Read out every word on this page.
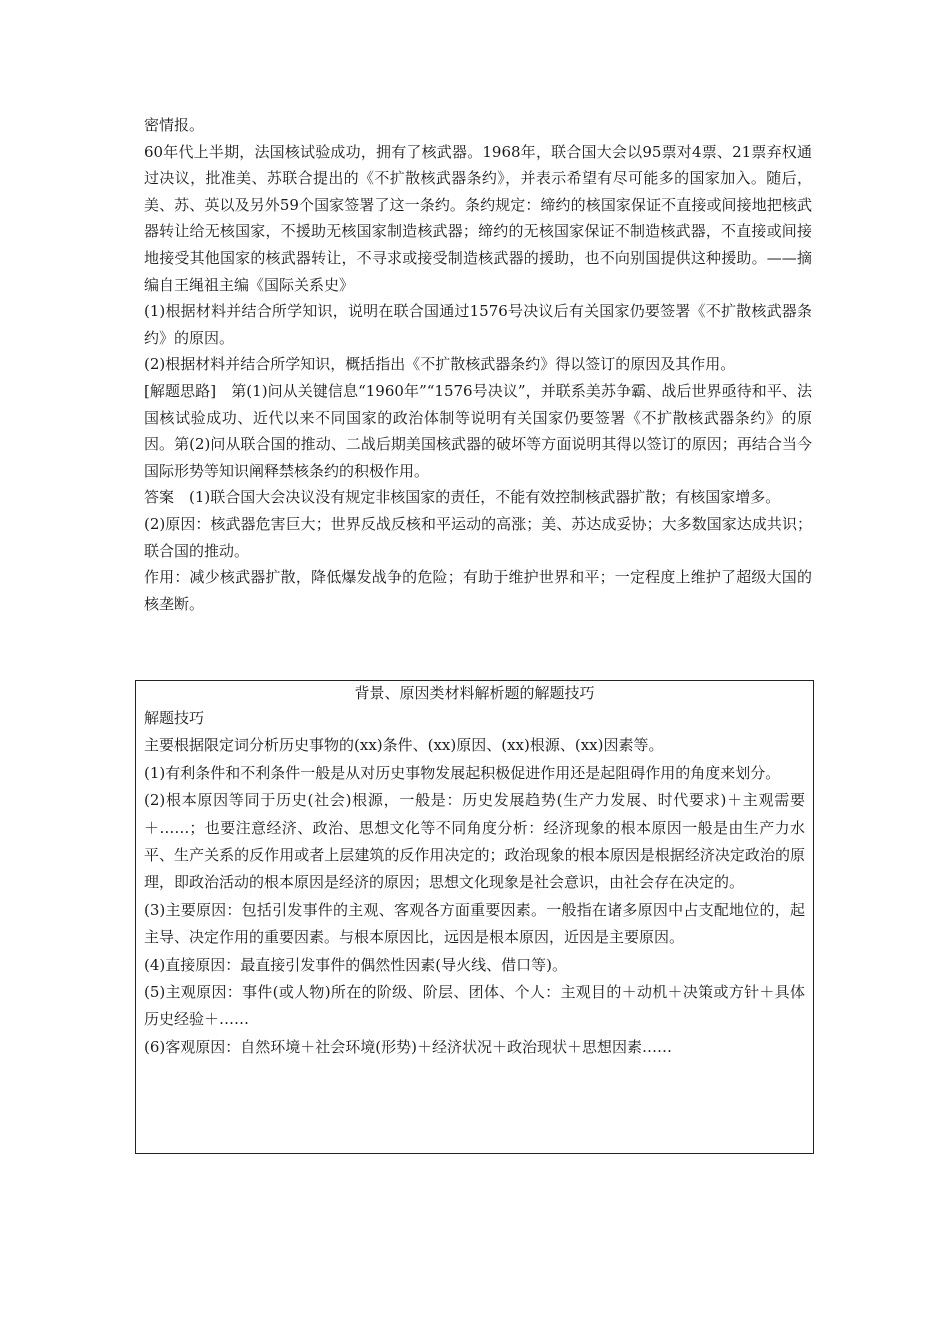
密情报。

60年代上半期，法国核试验成功，拥有了核武器。1968年，联合国大会以95票对4票、21票弃权通过决议，批准美、苏联合提出的《不扩散核武器条约》，并表示希望有尽可能多的国家加入。随后，美、苏、英以及另外59个国家签署了这一条约。条约规定：缔约的核国家保证不直接或间接地把核武器转让给无核国家，不援助无核国家制造核武器；缔约的无核国家保证不制造核武器，不直接或间接地接受其他国家的核武器转让，不寻求或接受制造核武器的援助，也不向别国提供这种援助。——摘编自王绳祖主编《国际关系史》

(1)根据材料并结合所学知识，说明在联合国通过1576号决议后有关国家仍要签署《不扩散核武器条约》的原因。

(2)根据材料并结合所学知识，概括指出《不扩散核武器条约》得以签订的原因及其作用。

[解题思路]　第(1)问从关键信息“1960年”“1576号决议”，并联系美苏争霸、战后世界亟待和平、法国核试验成功、近代以来不同国家的政治体制等说明有关国家仍要签署《不扩散核武器条约》的原因。第(2)问从联合国的推动、二战后期美国核武器的破坏等方面说明其得以签订的原因；再结合当今国际形势等知识阐释禁核条约的积极作用。

答案　(1)联合国大会决议没有规定非核国家的责任，不能有效控制核武器扩散；有核国家增多。

(2)原因：核武器危害巨大；世界反战反核和平运动的高涨；美、苏达成妥协；大多数国家达成共识；联合国的推动。

作用：减少核武器扩散，降低爆发战争的危险；有助于维护世界和平；一定程度上维护了超级大国的核垄断。

背景、原因类材料解析题的解题技巧

解题技巧

主要根据限定词分析历史事物的(xx)条件、(xx)原因、(xx)根源、(xx)因素等。

(1)有利条件和不利条件一般是从对历史事物发展起积极促进作用还是起阻碍作用的角度来划分。

(2)根本原因等同于历史(社会)根源，一般是：历史发展趋势(生产力发展、时代要求)＋主观需要＋……；也要注意经济、政治、思想文化等不同角度分析：经济现象的根本原因一般是由生产力水平、生产关系的反作用或者上层建筑的反作用决定的；政治现象的根本原因是根据经济决定政治的原理，即政治活动的根本原因是经济的原因；思想文化现象是社会意识，由社会存在决定的。

(3)主要原因：包括引发事件的主观、客观各方面重要因素。一般指在诸多原因中占支配地位的，起主导、决定作用的重要因素。与根本原因比，远因是根本原因，近因是主要原因。

(4)直接原因：最直接引发事件的偶然性因素(导火线、借口等)。

(5)主观原因：事件(或人物)所在的阶级、阶层、团体、个人：主观目的＋动机＋决策或方针＋具体历史经验＋……

(6)客观原因：自然环境＋社会环境(形势)＋经济状况＋政治现状＋思想因素……
